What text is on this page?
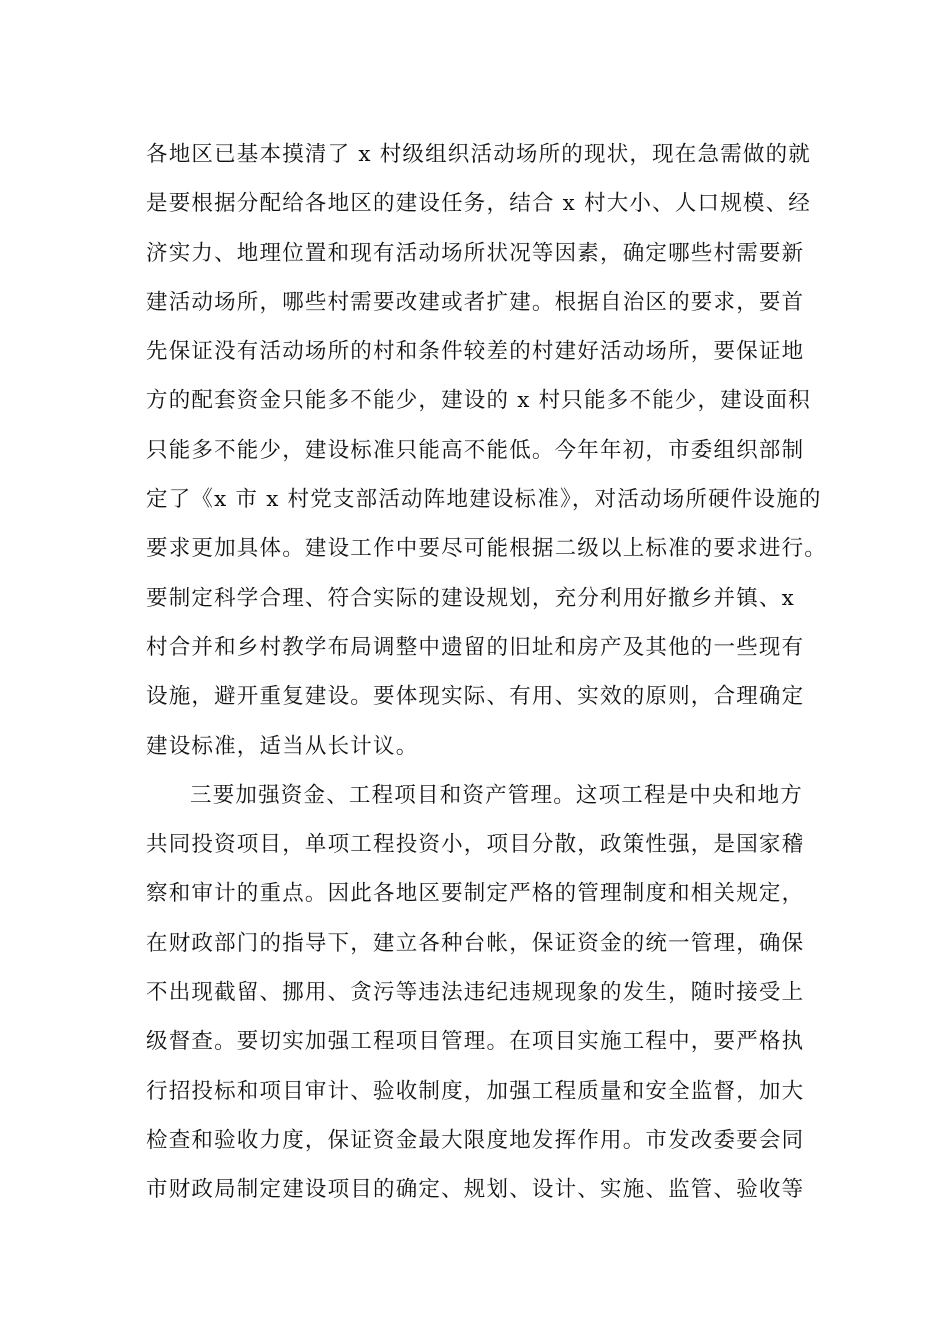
各地区已基本摸清了 x 村级组织活动场所的现状，现在急需做的就
是要根据分配给各地区的建设任务，结合 x 村大小、人口规模、经
济实力、地理位置和现有活动场所状况等因素，确定哪些村需要新
建活动场所，哪些村需要改建或者扩建。根据自治区的要求，要首
先保证没有活动场所的村和条件较差的村建好活动场所，要保证地
方的配套资金只能多不能少，建设的 x 村只能多不能少，建设面积
只能多不能少，建设标准只能高不能低。今年年初，市委组织部制
定了《x 市 x 村党支部活动阵地建设标准》，对活动场所硬件设施的
要求更加具体。建设工作中要尽可能根据二级以上标准的要求进行。
要制定科学合理、符合实际的建设规划，充分利用好撤乡并镇、x
村合并和乡村教学布局调整中遗留的旧址和房产及其他的一些现有
设施，避开重复建设。要体现实际、有用、实效的原则，合理确定
建设标准，适当从长计议。
三要加强资金、工程项目和资产管理。这项工程是中央和地方
共同投资项目，单项工程投资小，项目分散，政策性强，是国家稽
察和审计的重点。因此各地区要制定严格的管理制度和相关规定，
在财政部门的指导下，建立各种台帐，保证资金的统一管理，确保
不出现截留、挪用、贪污等违法违纪违规现象的发生，随时接受上
级督查。要切实加强工程项目管理。在项目实施工程中，要严格执
行招投标和项目审计、验收制度，加强工程质量和安全监督，加大
检查和验收力度，保证资金最大限度地发挥作用。市发改委要会同
市财政局制定建设项目的确定、规划、设计、实施、监管、验收等
